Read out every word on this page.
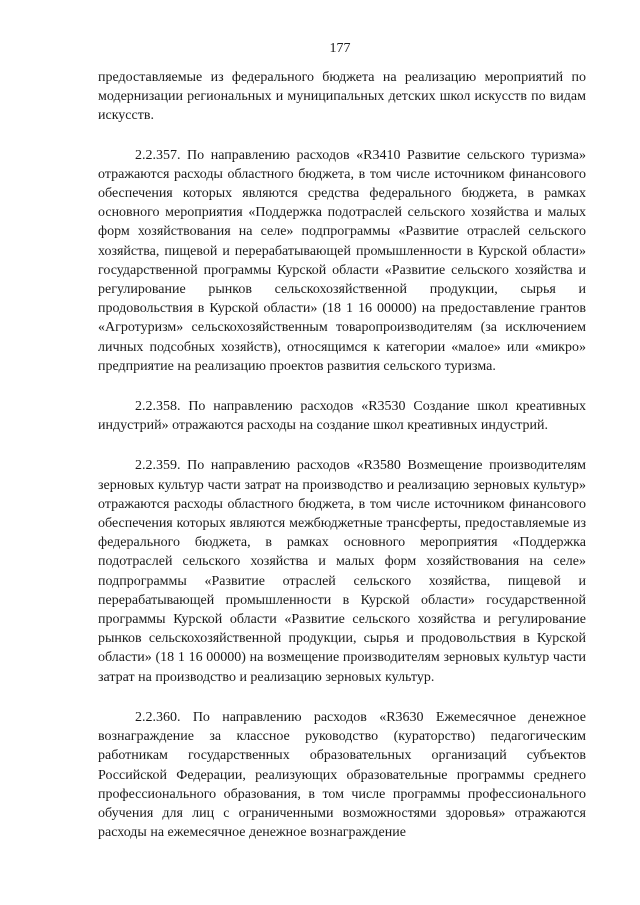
177

предоставляемые из федерального бюджета на реализацию мероприятий по модернизации региональных и муниципальных детских школ искусств по видам искусств.

2.2.357. По направлению расходов «R3410 Развитие сельского туризма» отражаются расходы областного бюджета, в том числе источником финансового обеспечения которых являются средства федерального бюджета, в рамках основного мероприятия «Поддержка подотраслей сельского хозяйства и малых форм хозяйствования на селе» подпрограммы «Развитие отраслей сельского хозяйства, пищевой и перерабатывающей промышленности в Курской области» государственной программы Курской области «Развитие сельского хозяйства и регулирование рынков сельскохозяйственной продукции, сырья и продовольствия в Курской области» (18 1 16 00000) на предоставление грантов «Агротуризм» сельскохозяйственным товаропроизводителям (за исключением личных подсобных хозяйств), относящимся к категории «малое» или «микро» предприятие на реализацию проектов развития сельского туризма.

2.2.358. По направлению расходов «R3530 Создание школ креативных индустрий» отражаются расходы на создание школ креативных индустрий.

2.2.359. По направлению расходов «R3580 Возмещение производителям зерновых культур части затрат на производство и реализацию зерновых культур» отражаются расходы областного бюджета, в том числе источником финансового обеспечения которых являются межбюджетные трансферты, предоставляемые из федерального бюджета, в рамках основного мероприятия «Поддержка подотраслей сельского хозяйства и малых форм хозяйствования на селе» подпрограммы «Развитие отраслей сельского хозяйства, пищевой и перерабатывающей промышленности в Курской области» государственной программы Курской области «Развитие сельского хозяйства и регулирование рынков сельскохозяйственной продукции, сырья и продовольствия в Курской области» (18 1 16 00000) на возмещение производителям зерновых культур части затрат на производство и реализацию зерновых культур.

2.2.360. По направлению расходов «R3630 Ежемесячное денежное вознаграждение за классное руководство (кураторство) педагогическим работникам государственных образовательных организаций субъектов Российской Федерации, реализующих образовательные программы среднего профессионального образования, в том числе программы профессионального обучения для лиц с ограниченными возможностями здоровья» отражаются расходы на ежемесячное денежное вознаграждение
